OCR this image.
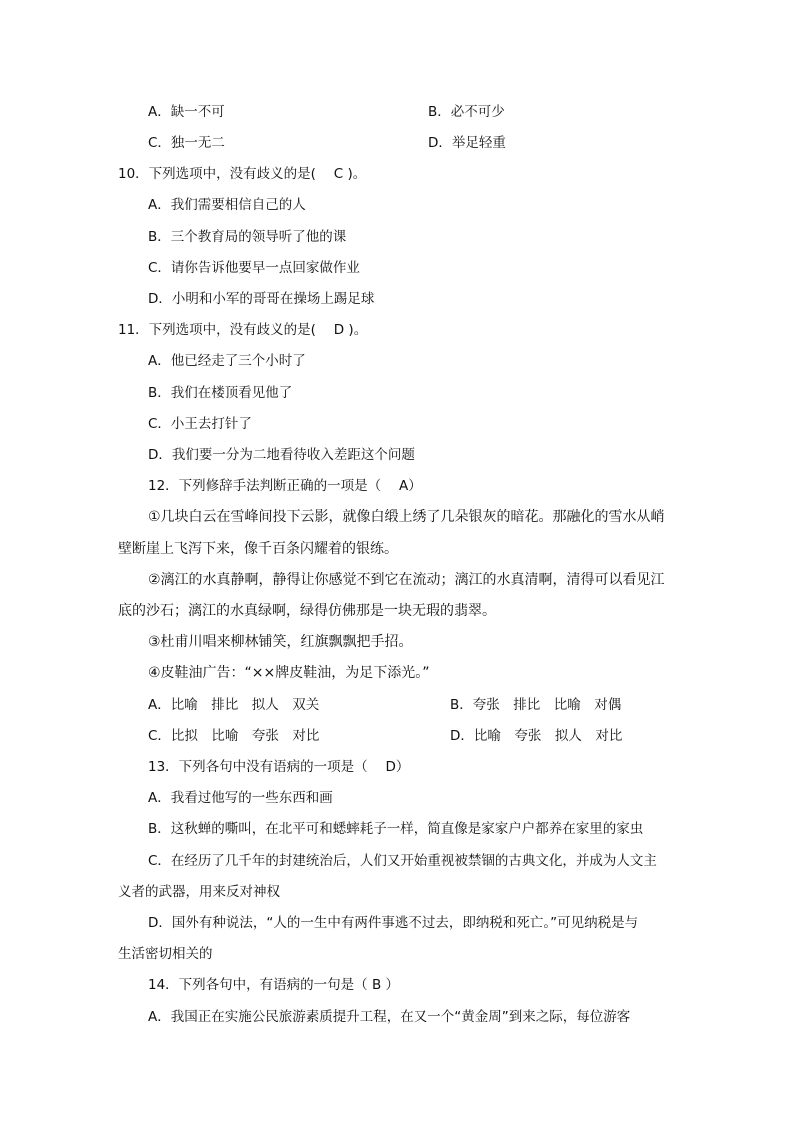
A．缺一不可	B．必不可少
C．独一无二	D．举足轻重
10．下列选项中，没有歧义的是(　 C )。
A．我们需要相信自己的人
B．三个教育局的领导听了他的课
C．请你告诉他要早一点回家做作业
D．小明和小军的哥哥在操场上踢足球
11．下列选项中，没有歧义的是(　 D )。
A．他已经走了三个小时了
B．我们在楼顶看见他了
C．小王去打针了
D．我们要一分为二地看待收入差距这个问题
12．下列修辞手法判断正确的一项是（　 A）
①几块白云在雪峰间投下云影，就像白缎上绣了几朵银灰的暗花。那融化的雪水从峭
壁断崖上飞泻下来，像千百条闪耀着的银练。
②漓江的水真静啊，静得让你感觉不到它在流动；漓江的水真清啊，清得可以看见江
底的沙石；漓江的水真绿啊，绿得仿佛那是一块无瑕的翡翠。
③杜甫川唱来柳林铺笑，红旗飘飘把手招。
④皮鞋油广告：“××牌皮鞋油，为足下添光。”
A．比喻　排比　拟人　双关	B．夸张　排比　比喻　对偶
C．比拟　比喻　夸张　对比	D．比喻　夸张　拟人　对比
13．下列各句中没有语病的一项是（　 D）
A．我看过他写的一些东西和画
B．这秋蝉的嘶叫，在北平可和蟋蟀耗子一样，简直像是家家户户都养在家里的家虫
C．在经历了几千年的封建统治后，人们又开始重视被禁锢的古典文化，并成为人文主
义者的武器，用来反对神权
D．国外有种说法，“人的一生中有两件事逃不过去，即纳税和死亡。”可见纳税是与
生活密切相关的
14．下列各句中，有语病的一句是（ B ）
A．我国正在实施公民旅游素质提升工程，在又一个“黄金周”到来之际，每位游客
